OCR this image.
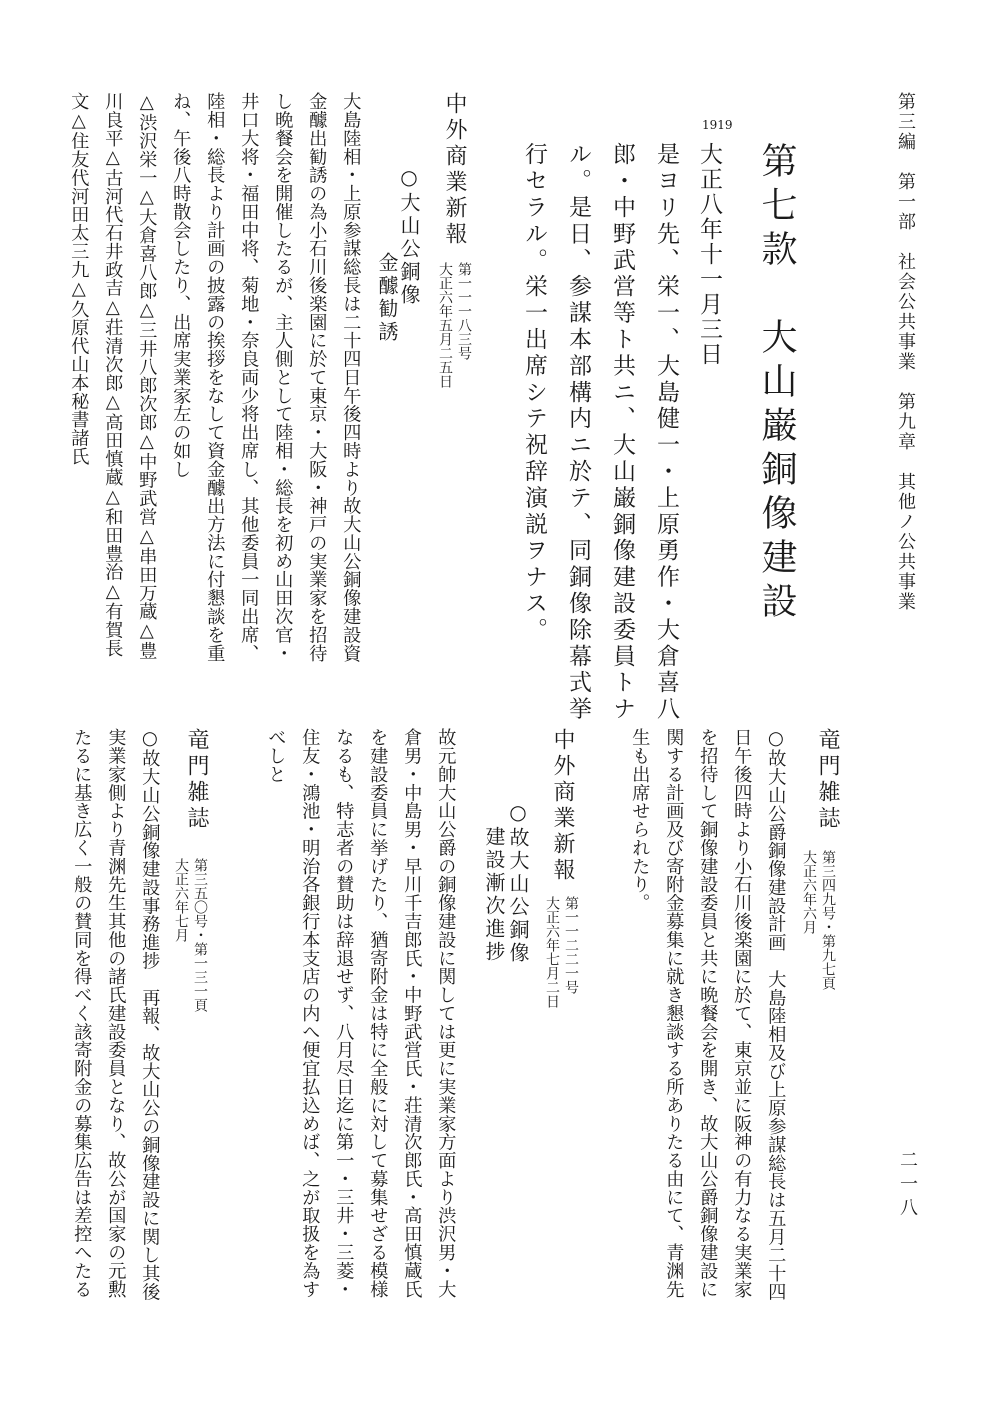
第三編　第一部　社会公共事業　第九章　其他ノ公共事業
二一八
第七款　大山巌銅像建設
1919
大正八年十一月三日
是ヨリ先、栄一、大島健一・上原勇作・大倉喜八
郎・中野武営等ト共ニ、大山巌銅像建設委員トナ
ル。是日、参謀本部構内ニ於テ、同銅像除幕式挙
行セラル。栄一出席シテ祝辞演説ヲナス。
中外商業新報
第一一一八三号
大正六年五月二五日
○大山公銅像
金醵勧誘
大島陸相・上原参謀総長は二十四日午後四時より故大山公銅像建設資
金醵出勧誘の為小石川後楽園に於て東京・大阪・神戸の実業家を招待
し晩餐会を開催したるが、主人側として陸相・総長を初め山田次官・
井口大将・福田中将、菊地・奈良両少将出席し、其他委員一同出席、
陸相・総長より計画の披露の挨拶をなして資金醵出方法に付懇談を重
ね、午後八時散会したり、出席実業家左の如し
△渋沢栄一△大倉喜八郎△三井八郎次郎△中野武営△串田万蔵△豊
川良平△古河代石井政吉△荘清次郎△高田慎蔵△和田豊治△有賀長
文△住友代河田太三九△久原代山本秘書諸氏
竜門雑誌
第三四九号・第九七頁
大正六年六月
○故大山公爵銅像建設計画　大島陸相及び上原参謀総長は五月二十四
日午後四時より小石川後楽園に於て、東京並に阪神の有力なる実業家
を招待して銅像建設委員と共に晩餐会を開き、故大山公爵銅像建設に
関する計画及び寄附金募集に就き懇談する所ありたる由にて、青渊先
生も出席せられたり。
中外商業新報
第一一二二一号
大正六年七月二日
○故大山公銅像
建設漸次進捗
故元帥大山公爵の銅像建設に関しては更に実業家方面より渋沢男・大
倉男・中島男・早川千吉郎氏・中野武営氏・荘清次郎氏・高田慎蔵氏
を建設委員に挙げたり、猶寄附金は特に全般に対して募集せざる模様
なるも、特志者の賛助は辞退せず、八月尽日迄に第一・三井・三菱・
住友・鴻池・明治各銀行本支店の内へ便宜払込めば、之が取扱を為す
べしと
竜門雑誌
第三五〇号・第一三一頁
大正六年七月
○故大山公銅像建設事務進捗　再報、故大山公の銅像建設に関し其後
実業家側より青渊先生其他の諸氏建設委員となり、故公が国家の元勲
たるに基き広く一般の賛同を得べく該寄附金の募集広告は差控へたる
